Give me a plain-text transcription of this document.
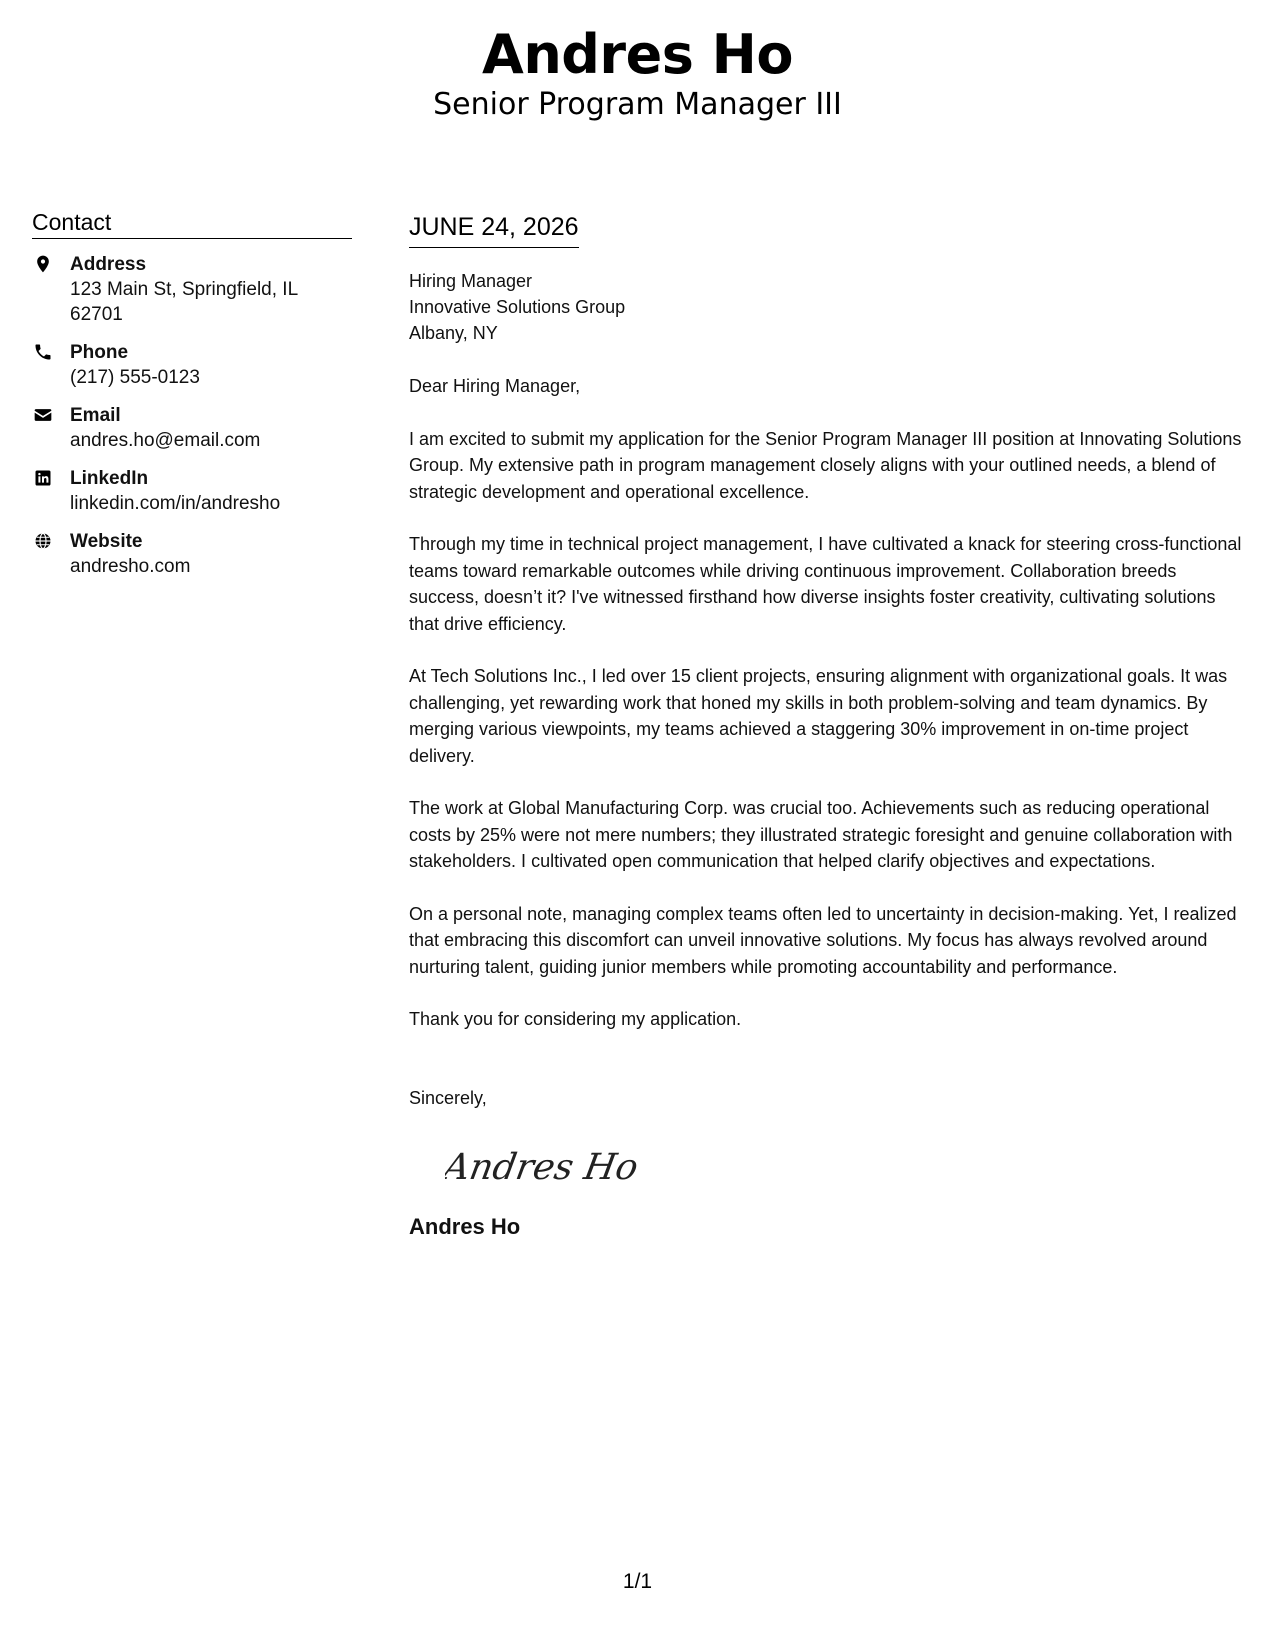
Andres Ho
Senior Program Manager III
Contact
Address
123 Main St, Springfield, IL 62701
Phone
(217) 555-0123
Email
andres.ho@email.com
LinkedIn
linkedin.com/in/andresho
Website
andresho.com
JUNE 24, 2026
Hiring Manager
Innovative Solutions Group
Albany, NY
Dear Hiring Manager,
I am excited to submit my application for the Senior Program Manager III position at Innovating Solutions Group. My extensive path in program management closely aligns with your outlined needs, a blend of strategic development and operational excellence.
Through my time in technical project management, I have cultivated a knack for steering cross-functional teams toward remarkable outcomes while driving continuous improvement. Collaboration breeds success, doesn’t it? I've witnessed firsthand how diverse insights foster creativity, cultivating solutions that drive efficiency.
At Tech Solutions Inc., I led over 15 client projects, ensuring alignment with organizational goals. It was challenging, yet rewarding work that honed my skills in both problem-solving and team dynamics. By merging various viewpoints, my teams achieved a staggering 30% improvement in on-time project delivery.
The work at Global Manufacturing Corp. was crucial too. Achievements such as reducing operational costs by 25% were not mere numbers; they illustrated strategic foresight and genuine collaboration with stakeholders. I cultivated open communication that helped clarify objectives and expectations.
On a personal note, managing complex teams often led to uncertainty in decision-making. Yet, I realized that embracing this discomfort can unveil innovative solutions. My focus has always revolved around nurturing talent, guiding junior members while promoting accountability and performance.
Thank you for considering my application.
Sincerely,
Andres Ho
Andres Ho
1/1
